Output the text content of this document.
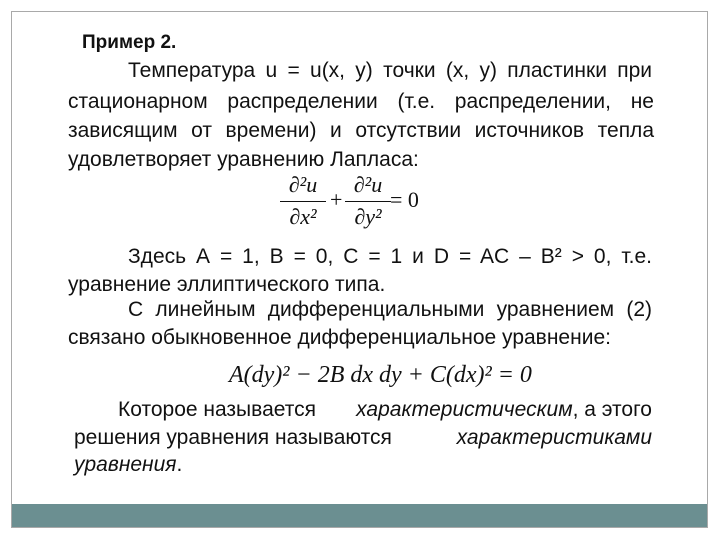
Пример 2.
Температура u = u(x, y) точки (x, y) пластинки при
стационарном распределении (т.е. распределении, не
зависящим от времени) и отсутствии источников тепла
удовлетворяет уравнению Лапласа:
∂²u
∂x²
+
∂²u
∂y²
= 0
Здесь А = 1, В = 0, С = 1 и D = AC – B² > 0, т.е.
уравнение эллиптического типа.
С линейным дифференциальными уравнением (2)
связано обыкновенное дифференциальное уравнение:
A(dy)² − 2B dx dy + C(dx)² = 0
Которое называется характеристическим, а этого
решения уравнения называются	характеристиками
уравнения.
